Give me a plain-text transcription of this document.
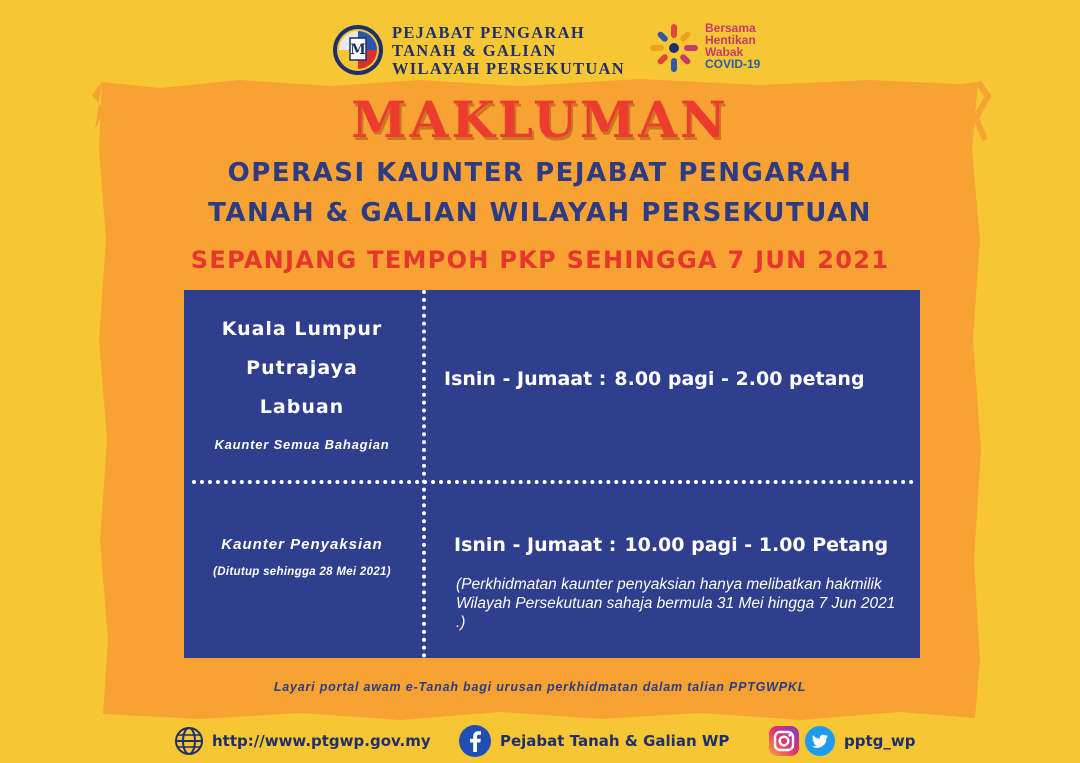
M
PEJABAT PENGARAH
TANAH & GALIAN
WILAYAH PERSEKUTUAN
Bersama
Hentikan
Wabak
COVID-19
MAKLUMAN
OPERASI KAUNTER PEJABAT PENGARAH
TANAH & GALIAN WILAYAH PERSEKUTUAN
SEPANJANG TEMPOH PKP SEHINGGA 7 JUN 2021
Kuala Lumpur
Putrajaya
Labuan
Kaunter Semua Bahagian
Isnin - Jumaat : 8.00 pagi - 2.00 petang
Kaunter Penyaksian
(Ditutup sehingga 28 Mei 2021)
Isnin - Jumaat : 10.00 pagi - 1.00 Petang
(Perkhidmatan kaunter penyaksian hanya melibatkan hakmilik Wilayah Persekutuan sahaja bermula 31 Mei hingga 7 Jun 2021 .)
Layari portal awam e-Tanah bagi urusan perkhidmatan dalam talian PPTGWPKL
http://www.ptgwp.gov.my	Pejabat Tanah & Galian WP	pptg_wp
